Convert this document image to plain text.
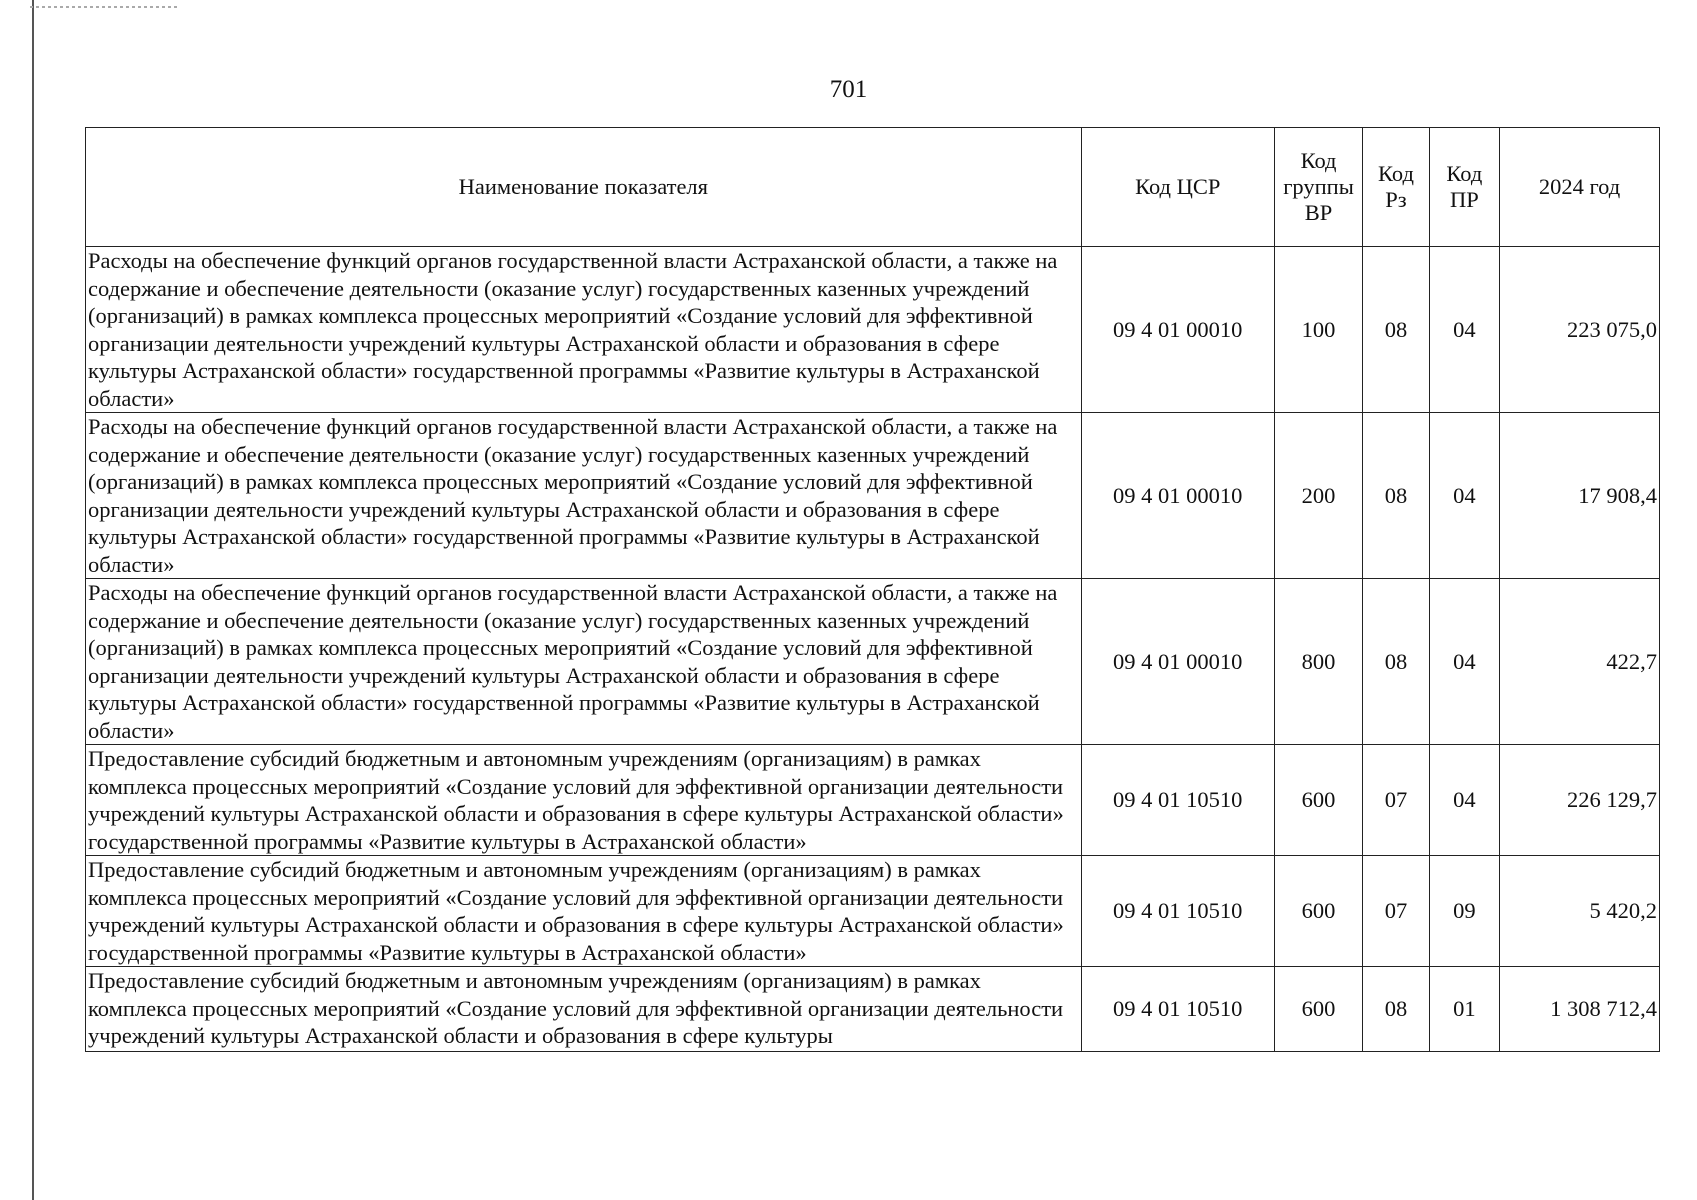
701
Наименование показателя	Код ЦСР	Код группы ВР	Код Рз	Код ПР	2024 год
Расходы на обеспечение функций органов государственной власти Астраханской области, а также на содержание и обеспечение деятельности (оказание услуг) государственных казенных учреждений (организаций) в рамках комплекса процессных мероприятий «Создание условий для эффективной организации деятельности учреждений культуры Астраханской области и образования в сфере культуры Астраханской области» государственной программы «Развитие культуры в Астраханской области»	09 4 01 00010	100	08	04	223 075,0
Расходы на обеспечение функций органов государственной власти Астраханской области, а также на содержание и обеспечение деятельности (оказание услуг) государственных казенных учреждений (организаций) в рамках комплекса процессных мероприятий «Создание условий для эффективной организации деятельности учреждений культуры Астраханской области и образования в сфере культуры Астраханской области» государственной программы «Развитие культуры в Астраханской области»	09 4 01 00010	200	08	04	17 908,4
Расходы на обеспечение функций органов государственной власти Астраханской области, а также на содержание и обеспечение деятельности (оказание услуг) государственных казенных учреждений (организаций) в рамках комплекса процессных мероприятий «Создание условий для эффективной организации деятельности учреждений культуры Астраханской области и образования в сфере культуры Астраханской области» государственной программы «Развитие культуры в Астраханской области»	09 4 01 00010	800	08	04	422,7
Предоставление субсидий бюджетным и автономным учреждениям (организациям) в рамках комплекса процессных мероприятий «Создание условий для эффективной организации деятельности учреждений культуры Астраханской области и образования в сфере культуры Астраханской области» государственной программы «Развитие культуры в Астраханской области»	09 4 01 10510	600	07	04	226 129,7
Предоставление субсидий бюджетным и автономным учреждениям (организациям) в рамках комплекса процессных мероприятий «Создание условий для эффективной организации деятельности учреждений культуры Астраханской области и образования в сфере культуры Астраханской области» государственной программы «Развитие культуры в Астраханской области»	09 4 01 10510	600	07	09	5 420,2
Предоставление субсидий бюджетным и автономным учреждениям (организациям) в рамках комплекса процессных мероприятий «Создание условий для эффективной организации деятельности учреждений культуры Астраханской области и образования в сфере культуры	09 4 01 10510	600	08	01	1 308 712,4
